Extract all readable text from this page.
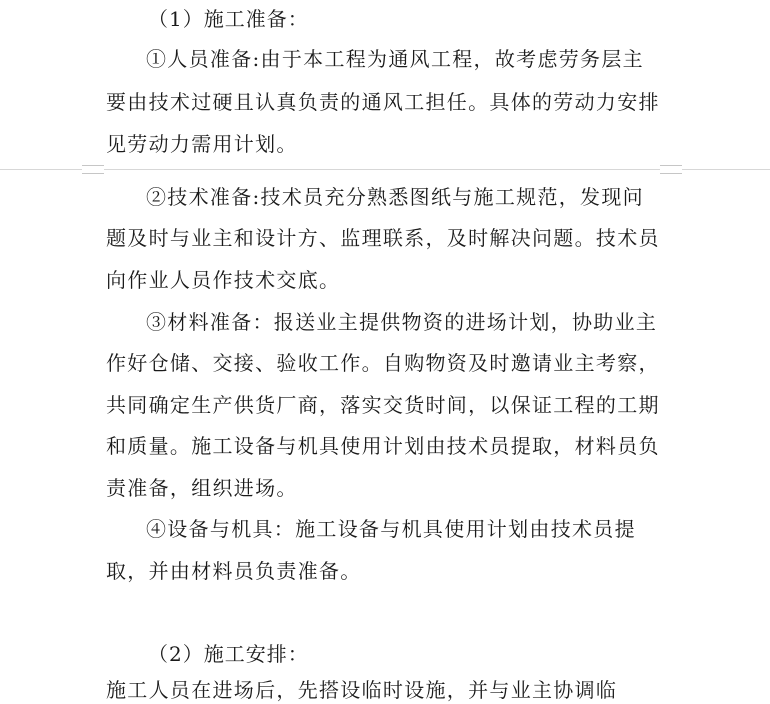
（1）施工准备：
①人员准备:由于本工程为通风工程，故考虑劳务层主
要由技术过硬且认真负责的通风工担任。具体的劳动力安排
见劳动力需用计划。
②技术准备:技术员充分熟悉图纸与施工规范，发现问
题及时与业主和设计方、监理联系，及时解决问题。技术员
向作业人员作技术交底。
③材料准备：报送业主提供物资的进场计划，协助业主
作好仓储、交接、验收工作。自购物资及时邀请业主考察，
共同确定生产供货厂商，落实交货时间，以保证工程的工期
和质量。施工设备与机具使用计划由技术员提取，材料员负
责准备，组织进场。
④设备与机具：施工设备与机具使用计划由技术员提
取，并由材料员负责准备。
（2）施工安排：
施工人员在进场后，先搭设临时设施，并与业主协调临
